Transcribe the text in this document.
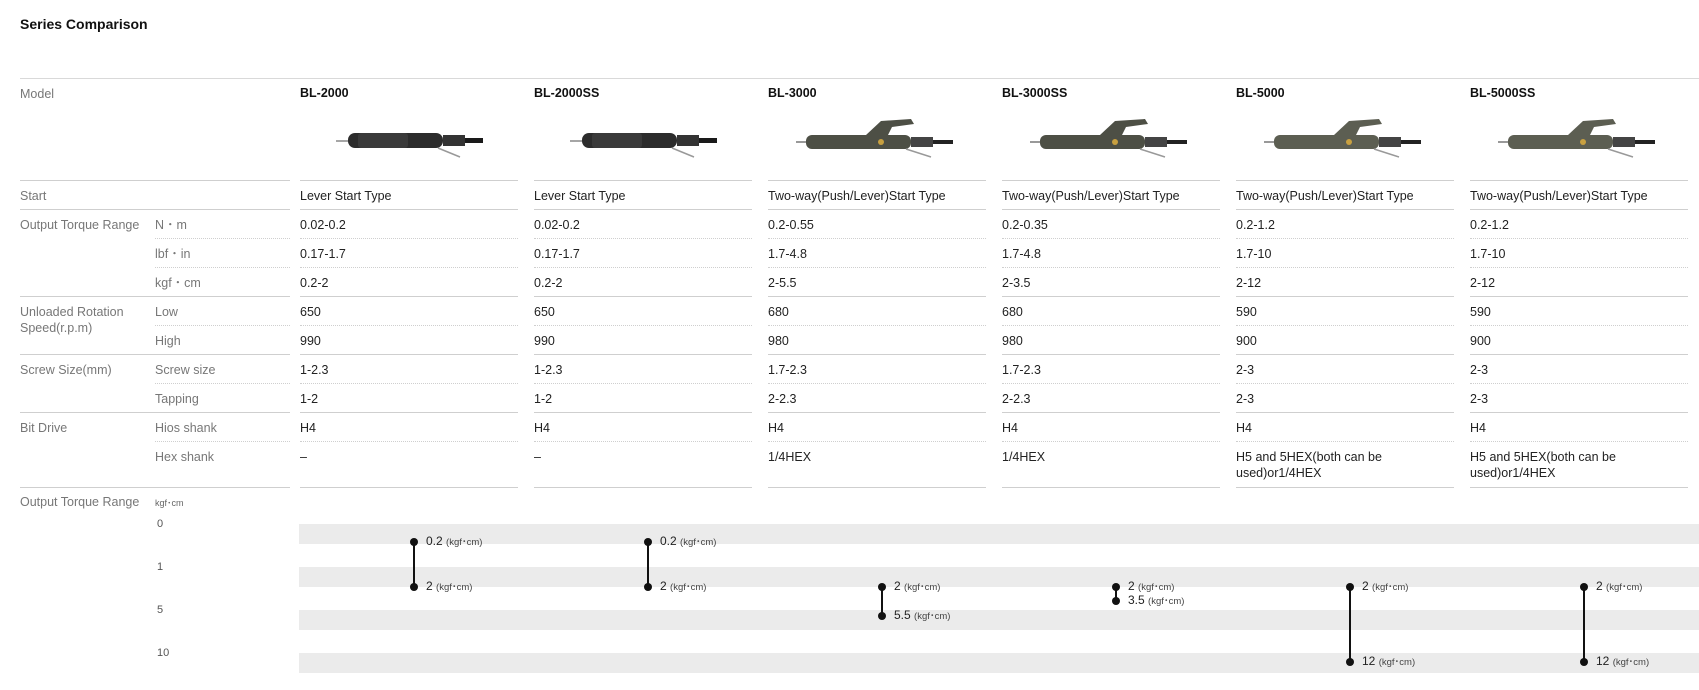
Series Comparison
Model
Start
Output Torque Range
Unloaded Rotation Speed(r.p.m)
Screw Size(mm)
Bit Drive
Output Torque Range
N・m
lbf・in
kgf・cm
Low
High
Screw size
Tapping
Hios shank
Hex shank
BL-2000
Lever Start Type
0.02-0.2
0.17-1.7
0.2-2
650
990
1-2.3
1-2
H4
–
BL-2000SS
Lever Start Type
0.02-0.2
0.17-1.7
0.2-2
650
990
1-2.3
1-2
H4
–
BL-3000
Two-way(Push/Lever)Start Type
0.2-0.55
1.7-4.8
2-5.5
680
980
1.7-2.3
2-2.3
H4
1/4HEX
BL-3000SS
Two-way(Push/Lever)Start Type
0.2-0.35
1.7-4.8
2-3.5
680
980
1.7-2.3
2-2.3
H4
1/4HEX
BL-5000
Two-way(Push/Lever)Start Type
0.2-1.2
1.7-10
2-12
590
900
2-3
2-3
H4
H5 and 5HEX(both can be used)or1/4HEX
BL-5000SS
Two-way(Push/Lever)Start Type
0.2-1.2
1.7-10
2-12
590
900
2-3
2-3
H4
H5 and 5HEX(both can be used)or1/4HEX
kgf･cm
0
1
5
10
0.2 (kgf･cm)
2 (kgf･cm)
0.2 (kgf･cm)
2 (kgf･cm)	2 (kgf･cm)
5.5 (kgf･cm)
2 (kgf･cm)
3.5 (kgf･cm)
2 (kgf･cm)
12 (kgf･cm)
2 (kgf･cm)
12 (kgf･cm)
